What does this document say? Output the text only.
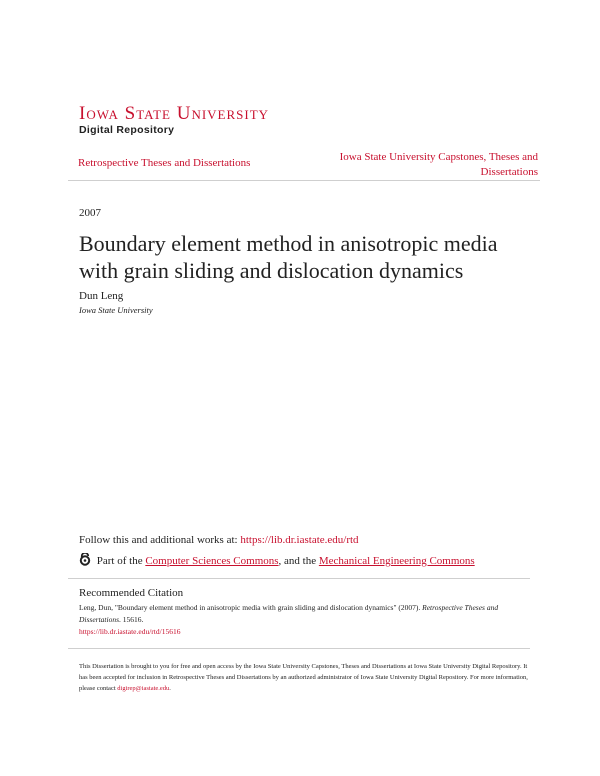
Iowa State University
Digital Repository
Retrospective Theses and Dissertations	Iowa State University Capstones, Theses and
Dissertations
2007
Boundary element method in anisotropic media
with grain sliding and dislocation dynamics
Dun Leng
Iowa State University
Follow this and additional works at: https://lib.dr.iastate.edu/rtd
Part of the Computer Sciences Commons, and the Mechanical Engineering Commons
Recommended Citation
Leng, Dun, "Boundary element method in anisotropic media with grain sliding and dislocation dynamics" (2007). Retrospective Theses and Dissertations. 15616.
https://lib.dr.iastate.edu/rtd/15616
This Dissertation is brought to you for free and open access by the Iowa State University Capstones, Theses and Dissertations at Iowa State University Digital Repository. It has been accepted for inclusion in Retrospective Theses and Dissertations by an authorized administrator of Iowa State University Digital Repository. For more information, please contact digirep@iastate.edu.
